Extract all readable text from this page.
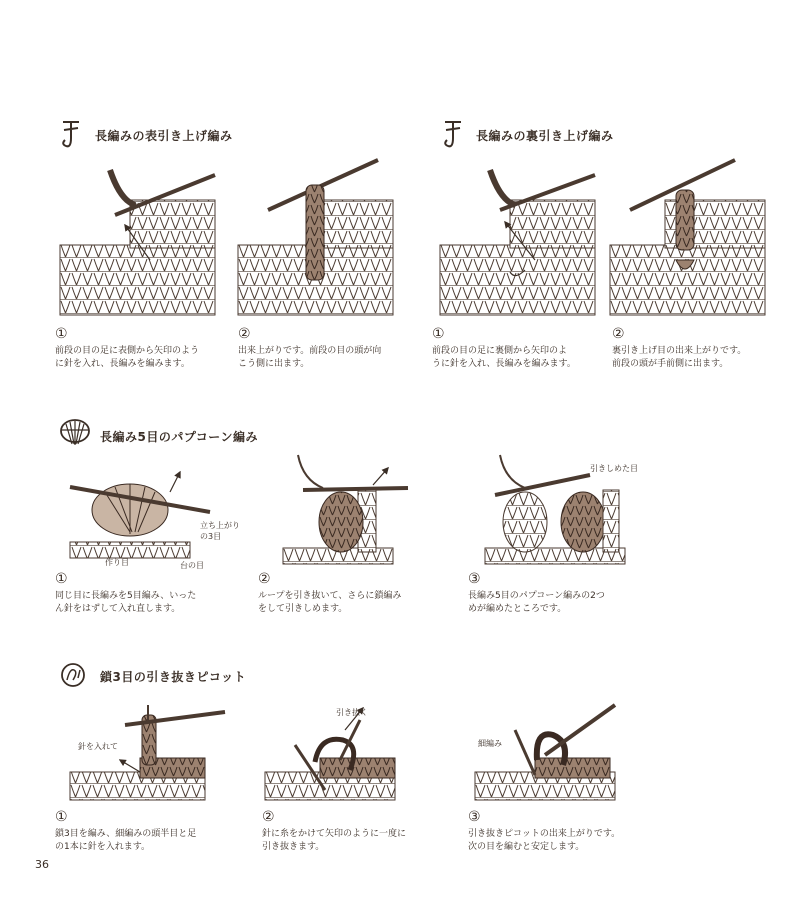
長編みの表引き上げ編み
①
前段の目の足に表側から矢印のよう
に針を入れ、長編みを編みます。
②
出来上がりです。前段の目の頭が向
こう側に出ます。
長編みの裏引き上げ編み
①
前段の目の足に裏側から矢印のよ
うに針を入れ、長編みを編みます。
②
裏引き上げ目の出来上がりです。
前段の頭が手前側に出ます。
長編み5目のパプコーン編み
立ち上がり
の3目
台の目
作り目
引きしめた目
①
同じ目に長編みを5目編み、いった
ん針をはずして入れ直します。
②
ループを引き抜いて、さらに鎖編み
をして引きしめます。
③
長編み5目のパプコーン編みの2つ
めが編めたところです。
鎖3目の引き抜きピコット
針を入れて
引き抜く
細編み
①
鎖3目を編み、細編みの頭半目と足
の1本に針を入れます。
②
針に糸をかけて矢印のように一度に
引き抜きます。
③
引き抜きピコットの出来上がりです。
次の目を編むと安定します。
36
